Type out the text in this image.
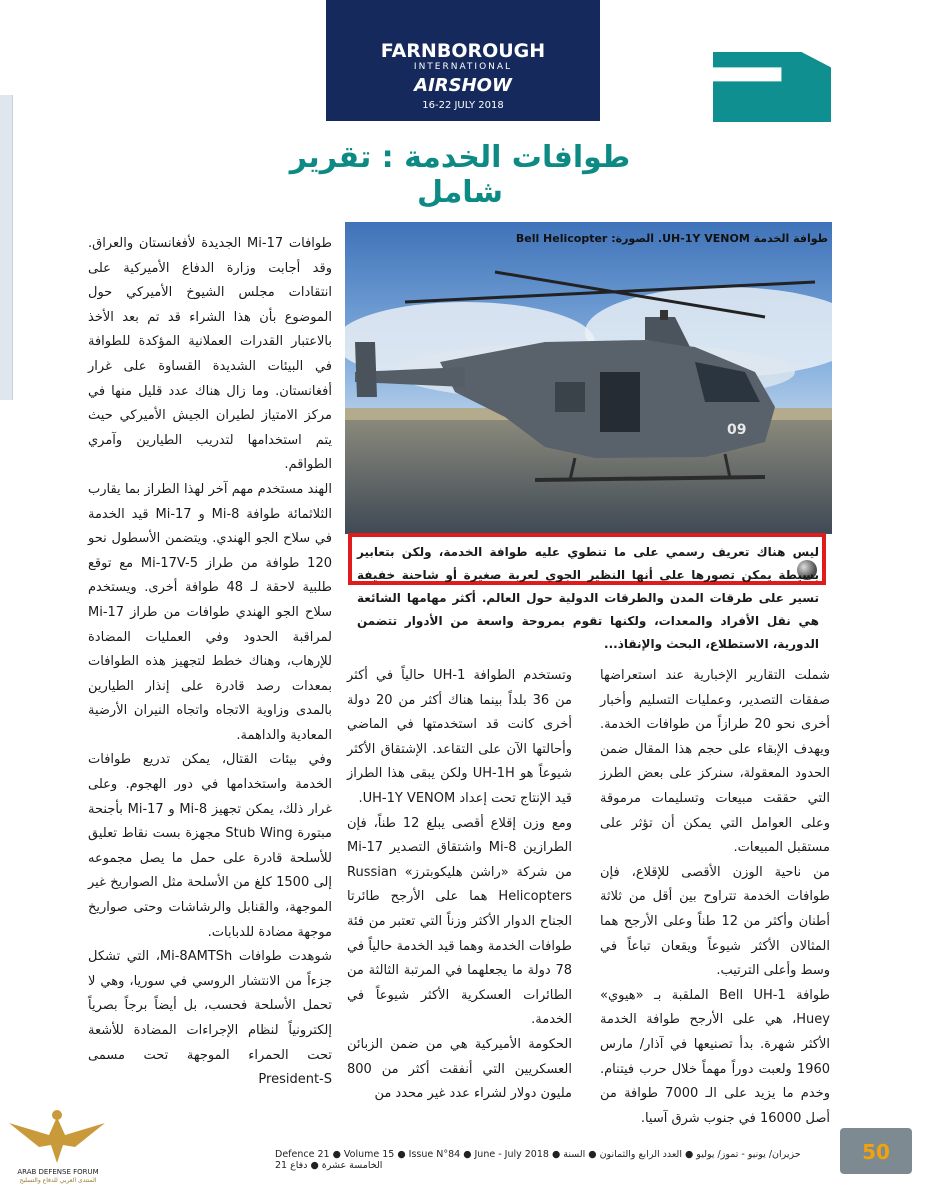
FARNBOROUGH
INTERNATIONAL
AIRSHOW
16-22 JULY 2018
طوافات الخدمة : تقرير شامل
09
طوافة الخدمة UH-1Y VENOM. الصورة: Bell Helicopter
ليس هناك تعريف رسمي على ما تنطوي عليه طوافة الخدمة، ولكن بتعابير بسيطة يمكن تصورها على أنها النظير الجوي لعربة صغيرة أو شاحنة خفيفة تسير على طرقات المدن والطرقات الدولية حول العالم. أكثر مهامها الشائعة هي نقل الأفراد والمعدات، ولكنها تقوم بمروحة واسعة من الأدوار تتضمن الدورية، الاستطلاع، البحث والإنقاذ...

طوافات Mi-17 الجديدة لأفغانستان والعراق. وقد أجابت وزارة الدفاع الأميركية على انتقادات مجلس الشيوخ الأميركي حول الموضوع بأن هذا الشراء قد تم بعد الأخذ بالاعتبار القدرات العملانية المؤكدة للطوافة في البيئات الشديدة القساوة على غرار أفغانستان. وما زال هناك عدد قليل منها في مركز الامتياز لطيران الجيش الأميركي حيث يتم استخدامها لتدريب الطيارين وآمري الطواقم.

الهند مستخدم مهم آخر لهذا الطراز بما يقارب الثلاثمائة طوافة Mi-8 و Mi-17 قيد الخدمة في سلاح الجو الهندي. ويتضمن الأسطول نحو 120 طوافة من طراز Mi-17V-5 مع توقع طلبية لاحقة لـ 48 طوافة أخرى. ويستخدم سلاح الجو الهندي طوافات من طراز Mi-17 لمراقبة الحدود وفي العمليات المضادة للإرهاب، وهناك خطط لتجهيز هذه الطوافات بمعدات رصد قادرة على إنذار الطيارين بالمدى وزاوية الاتجاه واتجاه النيران الأرضية المعادية والداهمة.

وفي بيئات القتال، يمكن تدريع طوافات الخدمة واستخدامها في دور الهجوم. وعلى غرار ذلك، يمكن تجهيز Mi-8 و Mi-17 بأجنحة مبتورة Stub Wing مجهزة بست نقاط تعليق للأسلحة قادرة على حمل ما يصل مجموعه إلى 1500 كلغ من الأسلحة مثل الصواريخ غير الموجهة، والقنابل والرشاشات وحتى صواريخ موجهة مضادة للدبابات.

شوهدت طوافات Mi-8AMTSh، التي تشكل جزءاً من الانتشار الروسي في سوريا، وهي لا تحمل الأسلحة فحسب، بل أيضاً برجاً بصرياً إلكترونياً لنظام الإجراءات المضادة للأشعة تحت الحمراء الموجهة تحت مسمى President-S

وتستخدم الطوافة UH-1 حالياً في أكثر من 36 بلداً بينما هناك أكثر من 20 دولة أخرى كانت قد استخدمتها في الماضي وأحالتها الآن على التقاعد. الإشتقاق الأكثر شيوعاً هو UH-1H ولكن يبقى هذا الطراز قيد الإنتاج تحت إعداد UH-1Y VENOM.

ومع وزن إقلاع أقصى يبلغ 12 طناً، فإن الطرازين Mi-8 واشتقاق التصدير Mi-17 من شركة «راشن هليكوبترز» Russian Helicopters هما على الأرجح طائرتا الجناح الدوار الأكثر وزناً التي تعتبر من فئة طوافات الخدمة وهما قيد الخدمة حالياً في 78 دولة ما يجعلهما في المرتبة الثالثة من الطائرات العسكرية الأكثر شيوعاً في الخدمة.

الحكومة الأميركية هي من ضمن الزبائن العسكريين التي أنفقت أكثر من 800 مليون دولار لشراء عدد غير محدد من

شملت التقارير الإخبارية عند استعراضها صفقات التصدير، وعمليات التسليم وأخبار أخرى نحو 20 طرازاً من طوافات الخدمة. ويهدف الإبقاء على حجم هذا المقال ضمن الحدود المعقولة، سنركز على بعض الطرز التي حققت مبيعات وتسليمات مرموقة وعلى العوامل التي يمكن أن تؤثر على مستقبل المبيعات.

من ناحية الوزن الأقصى للإقلاع، فإن طوافات الخدمة تتراوح بين أقل من ثلاثة أطنان وأكثر من 12 طناً وعلى الأرجح هما المثالان الأكثر شيوعاً ويقعان تباعاً في وسط وأعلى الترتيب.

طوافة Bell UH-1 الملقبة بـ «هيوي» Huey، هي على الأرجح طوافة الخدمة الأكثر شهرة. بدأ تصنيعها في آذار/ مارس 1960 ولعبت دوراً مهماً خلال حرب فيتنام. وخدم ما يزيد على الـ 7000 طوافة من أصل 16000 في جنوب شرق آسيا.

Defence 21 ● Volume 15 ● Issue N°84 ● June - July 2018 ● حزيران/ يونيو - تموز/ يوليو ● العدد الرابع والثمانون ● السنة الخامسة عشرة ● دفاع 21
50
ARAB DEFENSE FORUM
المنتدى العربي للدفاع والتسليح
